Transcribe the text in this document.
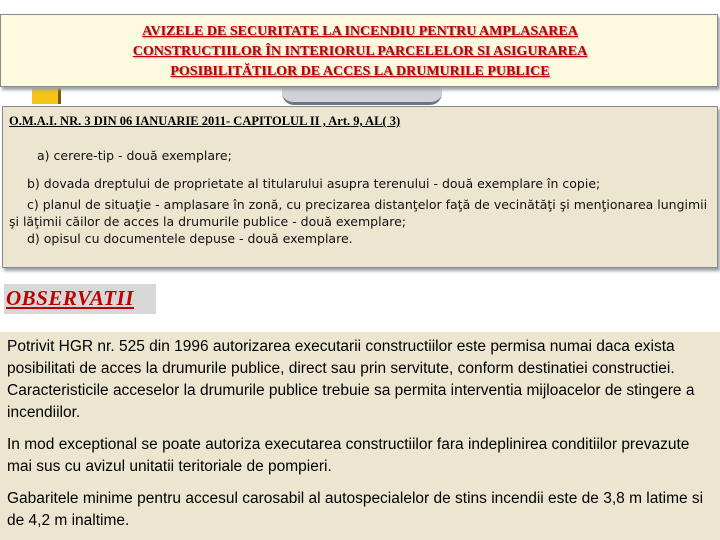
AVIZELE DE SECURITATE LA INCENDIU PENTRU AMPLASAREA
CONSTRUCTIILOR ÎN INTERIORUL PARCELELOR SI ASIGURAREA
POSIBILITĂTILOR DE ACCES LA DRUMURILE PUBLICE
O.M.A.I. NR. 3 DIN 06 IANUARIE 2011- CAPITOLUL II , Art. 9, AL( 3)
a) cerere-tip - două exemplare;
b) dovada dreptului de proprietate al titularului asupra terenului - două exemplare în copie;
c) planul de situaţie - amplasare în zonă, cu precizarea distanţelor faţă de vecinătăţi şi menţionarea lungimii şi lăţimii căilor de acces la drumurile publice - două exemplare;
d) opisul cu documentele depuse - două exemplare.
OBSERVATII

Potrivit HGR nr. 525 din 1996 autorizarea executarii constructiilor este permisa numai daca exista posibilitati de acces la drumurile publice, direct sau prin servitute, conform destinatiei constructiei. Caracteristicile acceselor la drumurile publice trebuie sa permita interventia mijloacelor de stingere a incendiilor.

In mod exceptional se poate autoriza executarea constructiilor fara indeplinirea conditiilor prevazute mai sus cu avizul unitatii teritoriale de pompieri.

Gabaritele minime pentru accesul carosabil al autospecialelor de stins incendii este de 3,8 m latime si de 4,2 m inaltime.
